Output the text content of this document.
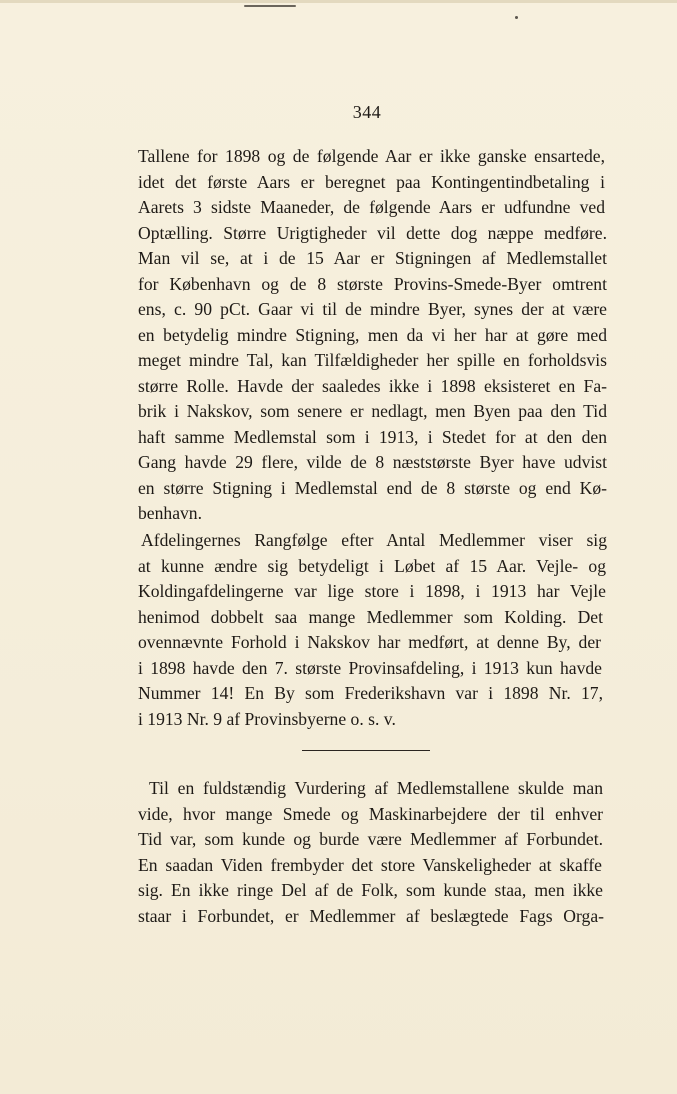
344
Tallene for 1898 og de følgende Aar er ikke ganske ensartede,
idet det første Aars er beregnet paa Kontingentindbetaling i
Aarets 3 sidste Maaneder, de følgende Aars er udfundne ved
Optælling. Større Urigtigheder vil dette dog næppe medføre.
Man vil se, at i de 15 Aar er Stigningen af Medlemstallet
for København og de 8 største Provins-Smede-Byer omtrent
ens, c. 90 pCt. Gaar vi til de mindre Byer, synes der at være
en betydelig mindre Stigning, men da vi her har at gøre med
meget mindre Tal, kan Tilfældigheder her spille en forholdsvis
større Rolle. Havde der saaledes ikke i 1898 eksisteret en Fa-
brik i Nakskov, som senere er nedlagt, men Byen paa den Tid
haft samme Medlemstal som i 1913, i Stedet for at den den
Gang havde 29 flere, vilde de 8 næststørste Byer have udvist
en større Stigning i Medlemstal end de 8 største og end Kø-
benhavn.
Afdelingernes Rangfølge efter Antal Medlemmer viser sig
at kunne ændre sig betydeligt i Løbet af 15 Aar. Vejle- og
Koldingafdelingerne var lige store i 1898, i 1913 har Vejle
henimod dobbelt saa mange Medlemmer som Kolding. Det
ovennævnte Forhold i Nakskov har medført, at denne By, der
i 1898 havde den 7. største Provinsafdeling, i 1913 kun havde
Nummer 14! En By som Frederikshavn var i 1898 Nr. 17,
i 1913 Nr. 9 af Provinsbyerne o. s. v.
Til en fuldstændig Vurdering af Medlemstallene skulde man
vide, hvor mange Smede og Maskinarbejdere der til enhver
Tid var, som kunde og burde være Medlemmer af Forbundet.
En saadan Viden frembyder det store Vanskeligheder at skaffe
sig. En ikke ringe Del af de Folk, som kunde staa, men ikke
staar i Forbundet, er Medlemmer af beslægtede Fags Orga-
